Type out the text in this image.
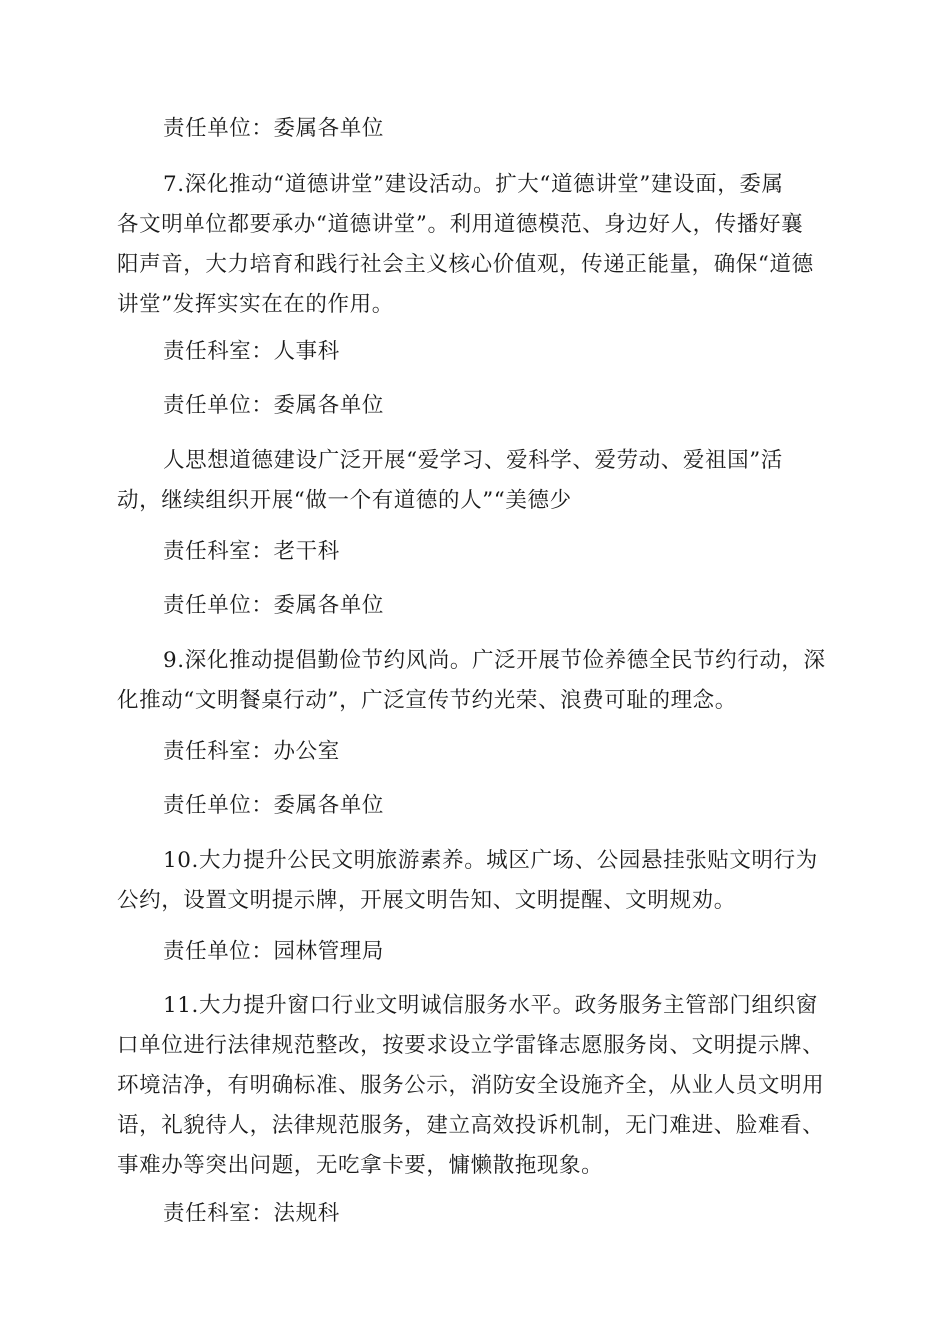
责任单位：委属各单位

7.深化推动“道德讲堂”建设活动。扩大“道德讲堂”建设面，委属
各文明单位都要承办“道德讲堂”。利用道德模范、身边好人，传播好襄
阳声音，大力培育和践行社会主义核心价值观，传递正能量，确保“道德
讲堂”发挥实实在在的作用。

责任科室：人事科

责任单位：委属各单位

人思想道德建设广泛开展“爱学习、爱科学、爱劳动、爱祖国”活
动，继续组织开展“做一个有道德的人”“美德少

责任科室：老干科

责任单位：委属各单位

9.深化推动提倡勤俭节约风尚。广泛开展节俭养德全民节约行动，深
化推动“文明餐桌行动”，广泛宣传节约光荣、浪费可耻的理念。

责任科室：办公室

责任单位：委属各单位

10.大力提升公民文明旅游素养。城区广场、公园悬挂张贴文明行为
公约，设置文明提示牌，开展文明告知、文明提醒、文明规劝。

责任单位：园林管理局

11.大力提升窗口行业文明诚信服务水平。政务服务主管部门组织窗
口单位进行法律规范整改，按要求设立学雷锋志愿服务岗、文明提示牌、
环境洁净，有明确标准、服务公示，消防安全设施齐全，从业人员文明用
语，礼貌待人，法律规范服务，建立高效投诉机制，无门难进、脸难看、
事难办等突出问题，无吃拿卡要，慵懒散拖现象。

责任科室：法规科
